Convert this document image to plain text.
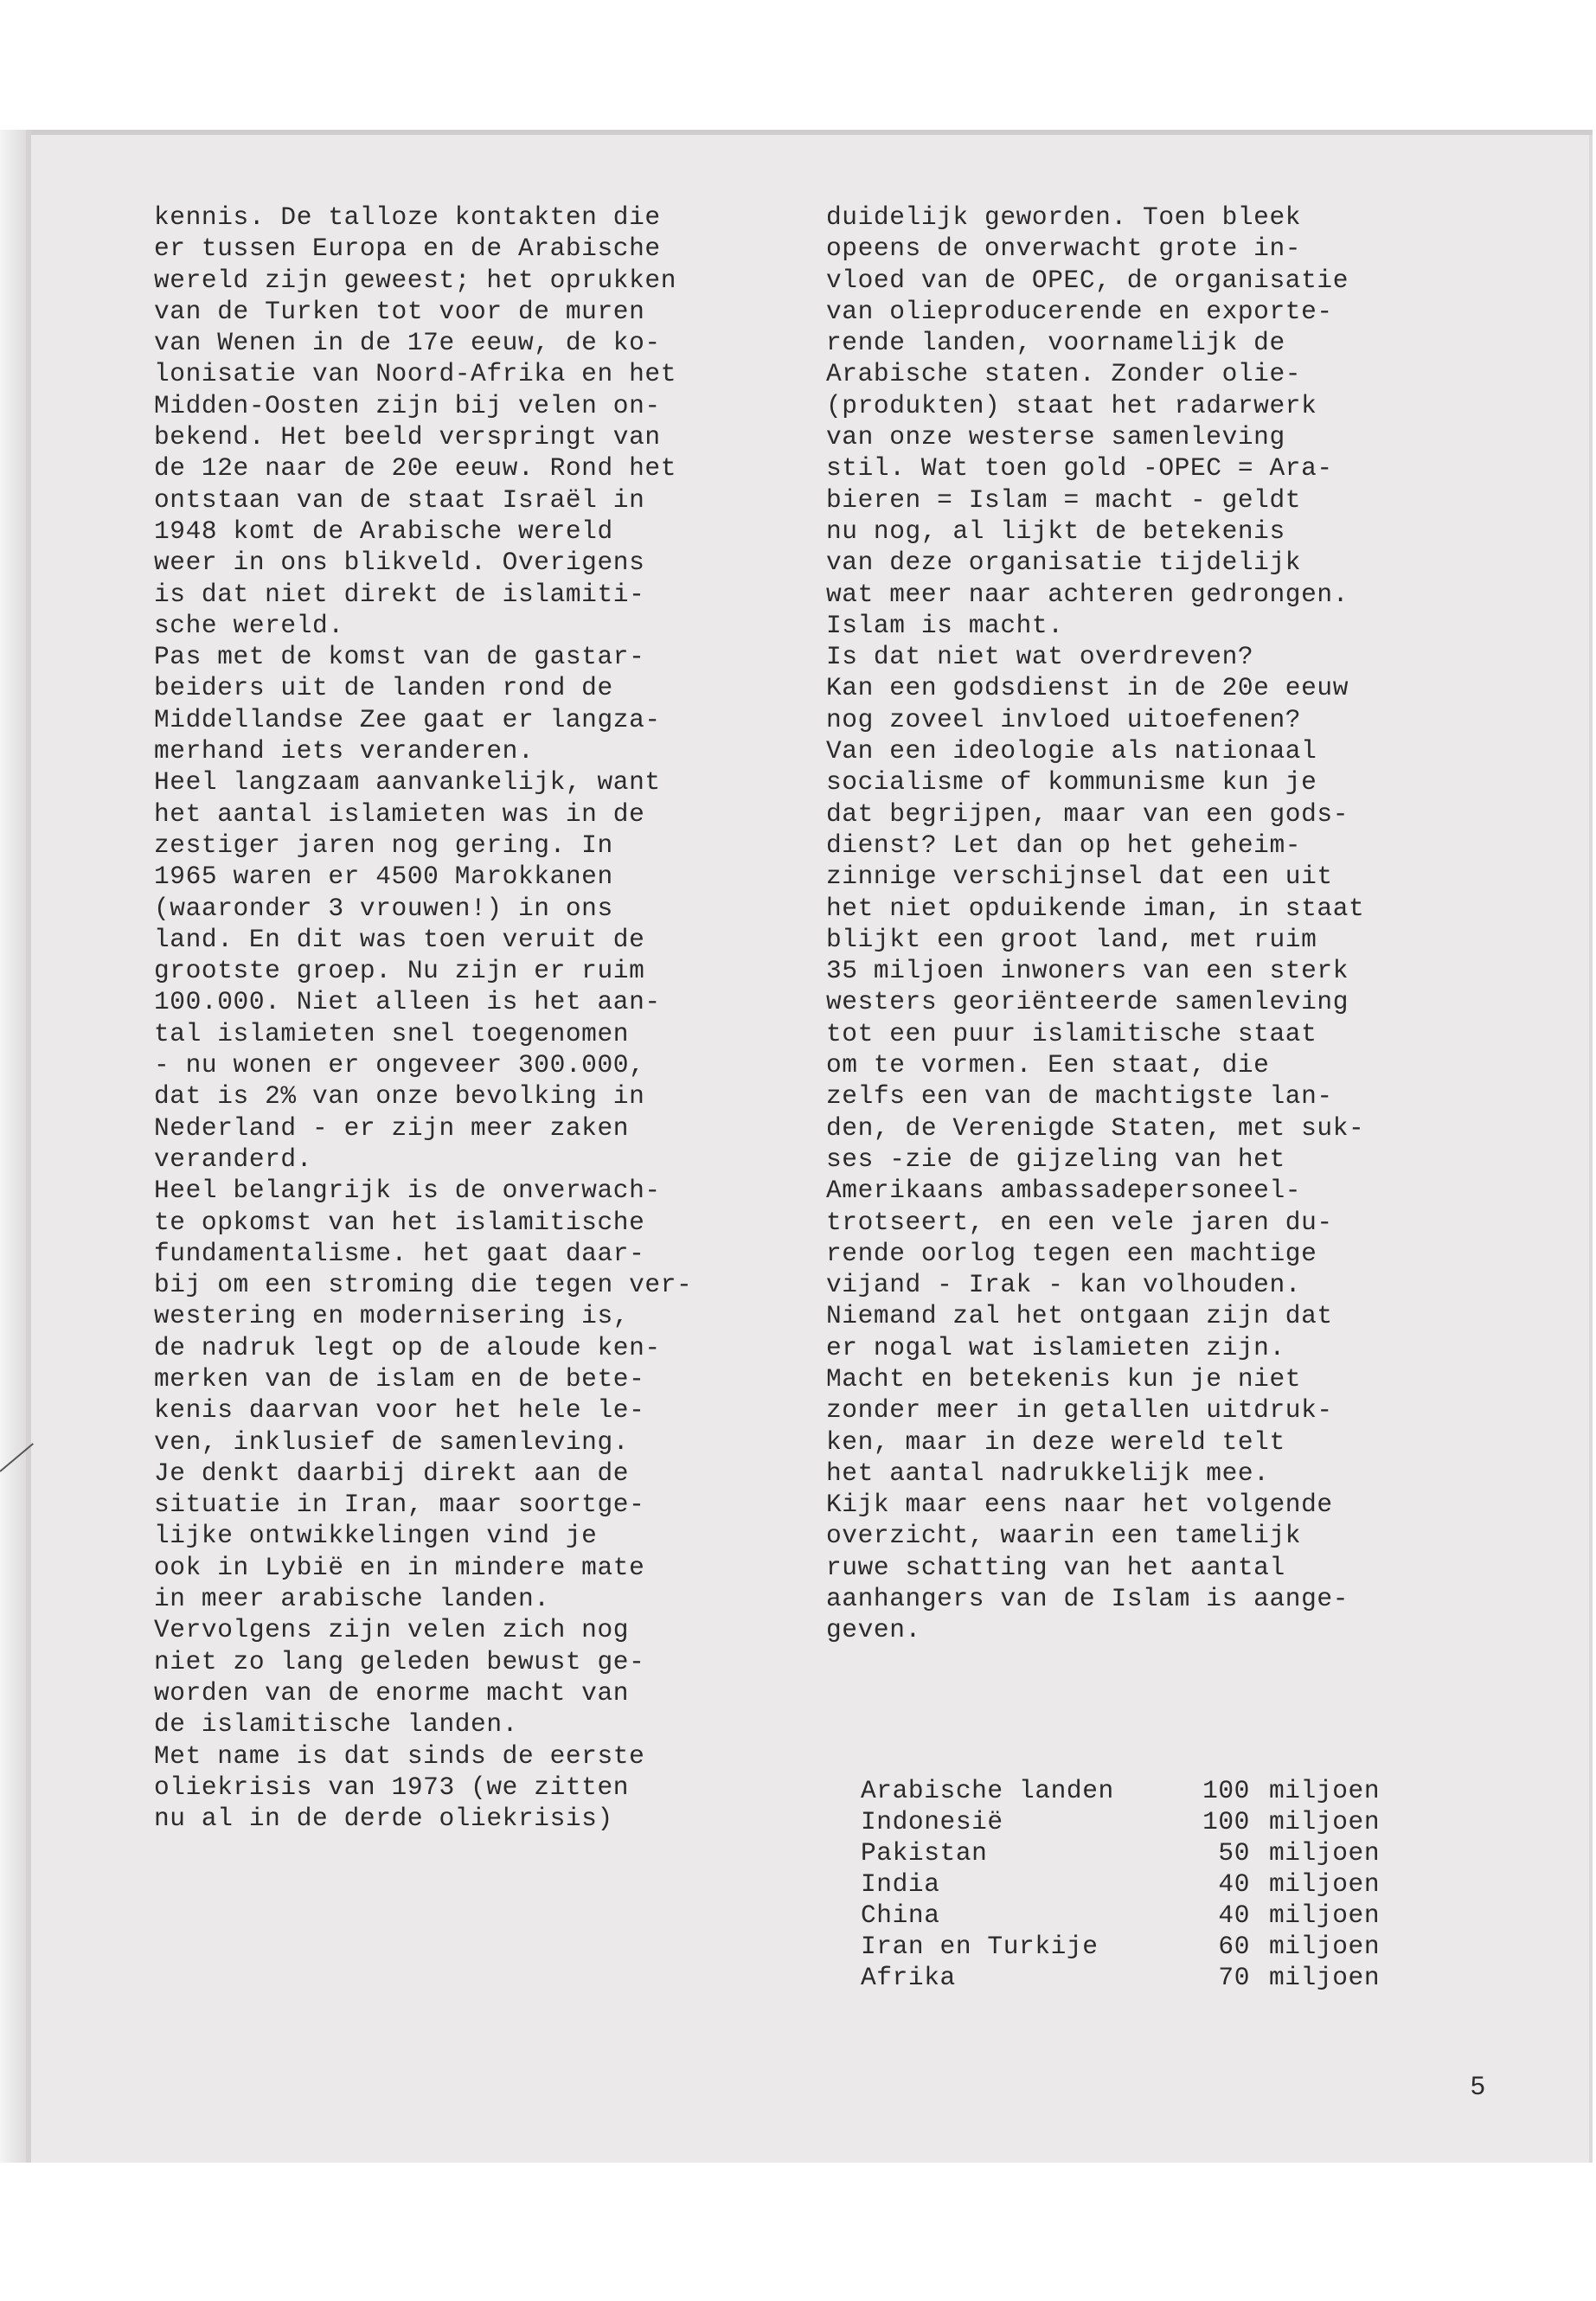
kennis. De talloze kontakten die
er tussen Europa en de Arabische
wereld zijn geweest; het oprukken
van de Turken tot voor de muren
van Wenen in de 17e eeuw, de ko-
lonisatie van Noord-Afrika en het
Midden-Oosten zijn bij velen on-
bekend. Het beeld verspringt van
de 12e naar de 20e eeuw. Rond het
ontstaan van de staat Israël in
1948 komt de Arabische wereld
weer in ons blikveld. Overigens
is dat niet direkt de islamiti-
sche wereld.
Pas met de komst van de gastar-
beiders uit de landen rond de
Middellandse Zee gaat er langza-
merhand iets veranderen.
Heel langzaam aanvankelijk, want
het aantal islamieten was in de
zestiger jaren nog gering. In
1965 waren er 4500 Marokkanen
(waaronder 3 vrouwen!) in ons
land. En dit was toen veruit de
grootste groep. Nu zijn er ruim
100.000. Niet alleen is het aan-
tal islamieten snel toegenomen
- nu wonen er ongeveer 300.000,
dat is 2% van onze bevolking in
Nederland - er zijn meer zaken
veranderd.
Heel belangrijk is de onverwach-
te opkomst van het islamitische
fundamentalisme. het gaat daar-
bij om een stroming die tegen ver-
westering en modernisering is,
de nadruk legt op de aloude ken-
merken van de islam en de bete-
kenis daarvan voor het hele le-
ven, inklusief de samenleving.
Je denkt daarbij direkt aan de
situatie in Iran, maar soortge-
lijke ontwikkelingen vind je
ook in Lybië en in mindere mate
in meer arabische landen.
Vervolgens zijn velen zich nog
niet zo lang geleden bewust ge-
worden van de enorme macht van
de islamitische landen.
Met name is dat sinds de eerste
oliekrisis van 1973 (we zitten
nu al in de derde oliekrisis)
duidelijk geworden. Toen bleek
opeens de onverwacht grote in-
vloed van de OPEC, de organisatie
van olieproducerende en exporte-
rende landen, voornamelijk de
Arabische staten. Zonder olie-
(produkten) staat het radarwerk
van onze westerse samenleving
stil. Wat toen gold -OPEC = Ara-
bieren = Islam = macht - geldt
nu nog, al lijkt de betekenis
van deze organisatie tijdelijk
wat meer naar achteren gedrongen.
Islam is macht.
Is dat niet wat overdreven?
Kan een godsdienst in de 20e eeuw
nog zoveel invloed uitoefenen?
Van een ideologie als nationaal
socialisme of kommunisme kun je
dat begrijpen, maar van een gods-
dienst? Let dan op het geheim-
zinnige verschijnsel dat een uit
het niet opduikende iman, in staat
blijkt een groot land, met ruim
35 miljoen inwoners van een sterk
westers georiënteerde samenleving
tot een puur islamitische staat
om te vormen. Een staat, die
zelfs een van de machtigste lan-
den, de Verenigde Staten, met suk-
ses -zie de gijzeling van het
Amerikaans ambassadepersoneel-
trotseert, en een vele jaren du-
rende oorlog tegen een machtige
vijand - Irak - kan volhouden.
Niemand zal het ontgaan zijn dat
er nogal wat islamieten zijn.
Macht en betekenis kun je niet
zonder meer in getallen uitdruk-
ken, maar in deze wereld telt
het aantal nadrukkelijk mee.
Kijk maar eens naar het volgende
overzicht, waarin een tamelijk
ruwe schatting van het aantal
aanhangers van de Islam is aange-
geven.
Arabische landen	100 miljoen
Indonesië	100 miljoen
Pakistan	50 miljoen
India	40 miljoen
China	40 miljoen
Iran en Turkije	60 miljoen
Afrika	70 miljoen
5
